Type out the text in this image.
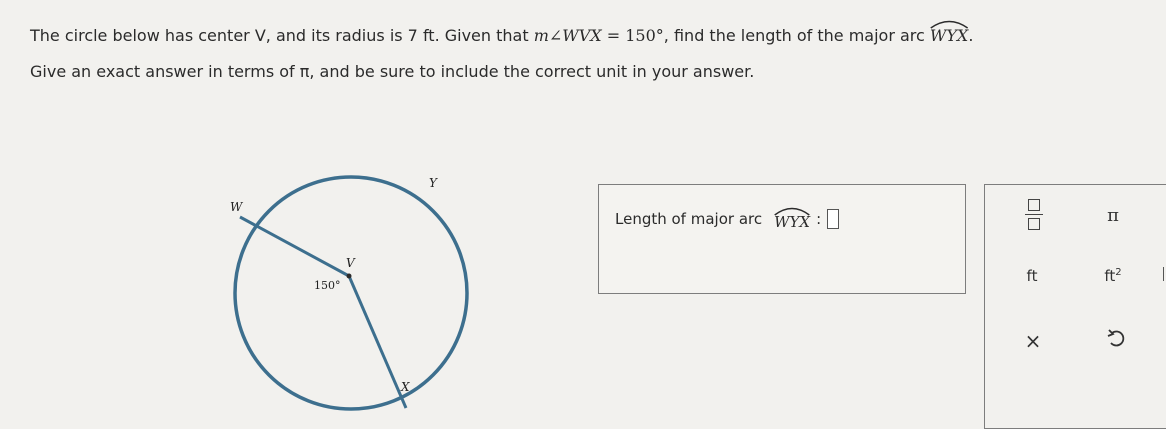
The circle below has center V, and its radius is 7 ft. Given that m∠WVX = 150°, find the length of the major arc
WYX.
Give an exact answer in terms of π, and be sure to include the correct unit in your answer.
W
Y
V
X
150°
Length of major arc WYX :	π
ft	$ft^2$
×
